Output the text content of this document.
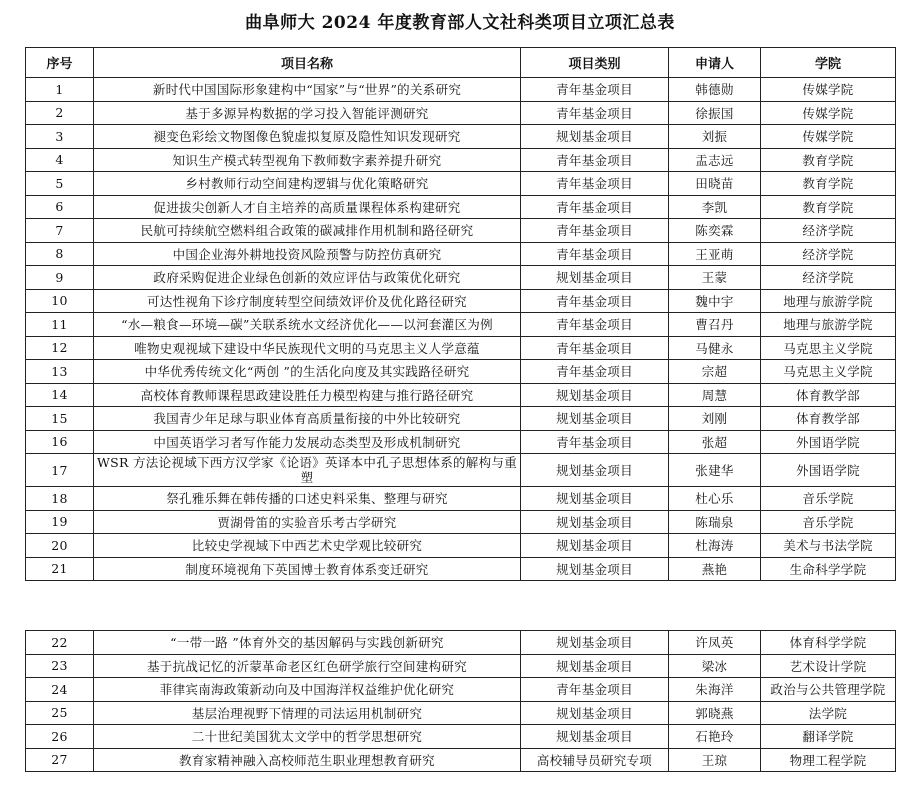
曲阜师大 2024 年度教育部人文社科类项目立项汇总表
序号	项目名称	项目类别	申请人	学院
1	新时代中国国际形象建构中“国家”与“世界”的关系研究	青年基金项目	韩德勋	传媒学院
2	基于多源异构数据的学习投入智能评测研究	青年基金项目	徐振国	传媒学院
3	褪变色彩绘文物图像色貌虚拟复原及隐性知识发现研究	规划基金项目	刘振	传媒学院
4	知识生产模式转型视角下教师数字素养提升研究	青年基金项目	盂志远	教育学院
5	乡村教师行动空间建构逻辑与优化策略研究	青年基金项目	田晓苗	教育学院
6	促进拔尖创新人才自主培养的高质量课程体系构建研究	青年基金项目	李凯	教育学院
7	民航可持续航空燃料组合政策的碳减排作用机制和路径研究	青年基金项目	陈奕霖	经济学院
8	中国企业海外耕地投资风险预警与防控仿真研究	青年基金项目	王亚萌	经济学院
9	政府采购促进企业绿色创新的效应评估与政策优化研究	规划基金项目	王蒙	经济学院
10	可达性视角下诊疗制度转型空间绩效评价及优化路径研究	青年基金项目	魏中宇	地理与旅游学院
11	“水—粮食—环境—碳”关联系统水文经济优化——以河套灌区为例	青年基金项目	曹召丹	地理与旅游学院
12	唯物史观视域下建设中华民族现代文明的马克思主义人学意蕴	青年基金项目	马健永	马克思主义学院
13	中华优秀传统文化“两创 ”的生活化向度及其实践路径研究	青年基金项目	宗超	马克思主义学院
14	高校体育教师课程思政建设胜任力模型构建与推行路径研究	规划基金项目	周慧	体育教学部
15	我国青少年足球与职业体育高质量衔接的中外比较研究	规划基金项目	刘刚	体育教学部
16	中国英语学习者写作能力发展动态类型及形成机制研究	青年基金项目	张超	外国语学院
17	WSR 方法论视域下西方汉学家《论语》英译本中孔子思想体系的解构与重塑	规划基金项目	张建华	外国语学院
18	祭孔雅乐舞在韩传播的口述史料采集、整理与研究	规划基金项目	杜心乐	音乐学院
19	贾湖骨笛的实验音乐考古学研究	规划基金项目	陈瑞泉	音乐学院
20	比较史学视域下中西艺术史学观比较研究	规划基金项目	杜海涛	美术与书法学院
21	制度环境视角下英国博士教育体系变迁研究	规划基金项目	燕艳	生命科学学院
22	“一带一路 ”体育外交的基因解码与实践创新研究	规划基金项目	许凤英	体育科学学院
23	基于抗战记忆的沂蒙革命老区红色研学旅行空间建构研究	规划基金项目	梁冰	艺术设计学院
24	菲律宾南海政策新动向及中国海洋权益维护优化研究	青年基金项目	朱海洋	政治与公共管理学院
25	基层治理视野下情理的司法运用机制研究	规划基金项目	郭晓燕	法学院
26	二十世纪美国犹太文学中的哲学思想研究	规划基金项目	石艳玲	翻译学院
27	教育家精神融入高校师范生职业理想教育研究	高校辅导员研究专项	王琼	物理工程学院
